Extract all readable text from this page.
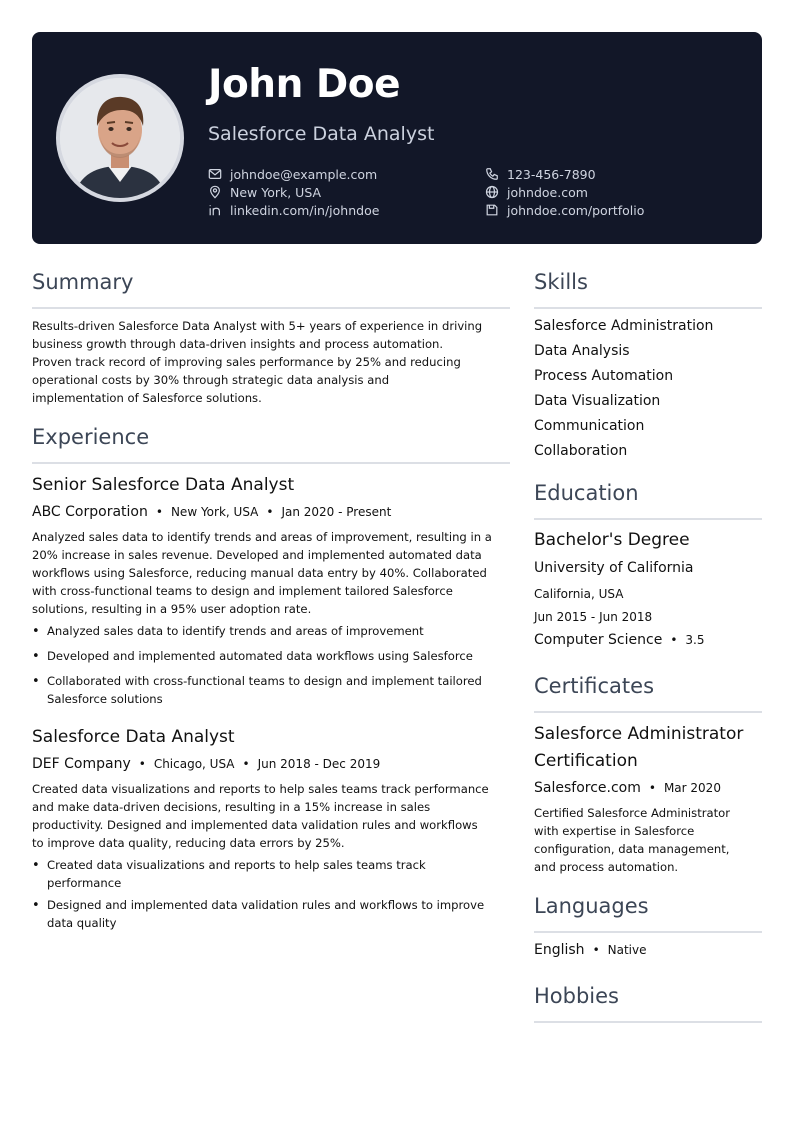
John Doe
Salesforce Data Analyst
johndoe@example.com	123-456-7890
New York, USA	johndoe.com
linkedin.com/in/johndoe	johndoe.com/portfolio
Summary
Results-driven Salesforce Data Analyst with 5+ years of experience in driving
business growth through data-driven insights and process automation.
Proven track record of improving sales performance by 25% and reducing
operational costs by 30% through strategic data analysis and
implementation of Salesforce solutions.
Experience
Senior Salesforce Data Analyst
ABC Corporation • New York, USA • Jan 2020 - Present
Analyzed sales data to identify trends and areas of improvement, resulting in a
20% increase in sales revenue. Developed and implemented automated data
workflows using Salesforce, reducing manual data entry by 40%. Collaborated
with cross-functional teams to design and implement tailored Salesforce
solutions, resulting in a 95% user adoption rate.
• Analyzed sales data to identify trends and areas of improvement
• Developed and implemented automated data workflows using Salesforce
• Collaborated with cross-functional teams to design and implement tailored
Salesforce solutions
Salesforce Data Analyst
DEF Company • Chicago, USA • Jun 2018 - Dec 2019
Created data visualizations and reports to help sales teams track performance
and make data-driven decisions, resulting in a 15% increase in sales
productivity. Designed and implemented data validation rules and workflows
to improve data quality, reducing data errors by 25%.
• Created data visualizations and reports to help sales teams track
performance
• Designed and implemented data validation rules and workflows to improve
data quality
Skills
Salesforce Administration
Data Analysis
Process Automation
Data Visualization
Communication
Collaboration
Education
Bachelor's Degree
University of California
California, USA
Jun 2015 - Jun 2018
Computer Science • 3.5
Certificates
Salesforce Administrator
Certification
Salesforce.com • Mar 2020
Certified Salesforce Administrator
with expertise in Salesforce
configuration, data management,
and process automation.
Languages
English • Native
Hobbies
